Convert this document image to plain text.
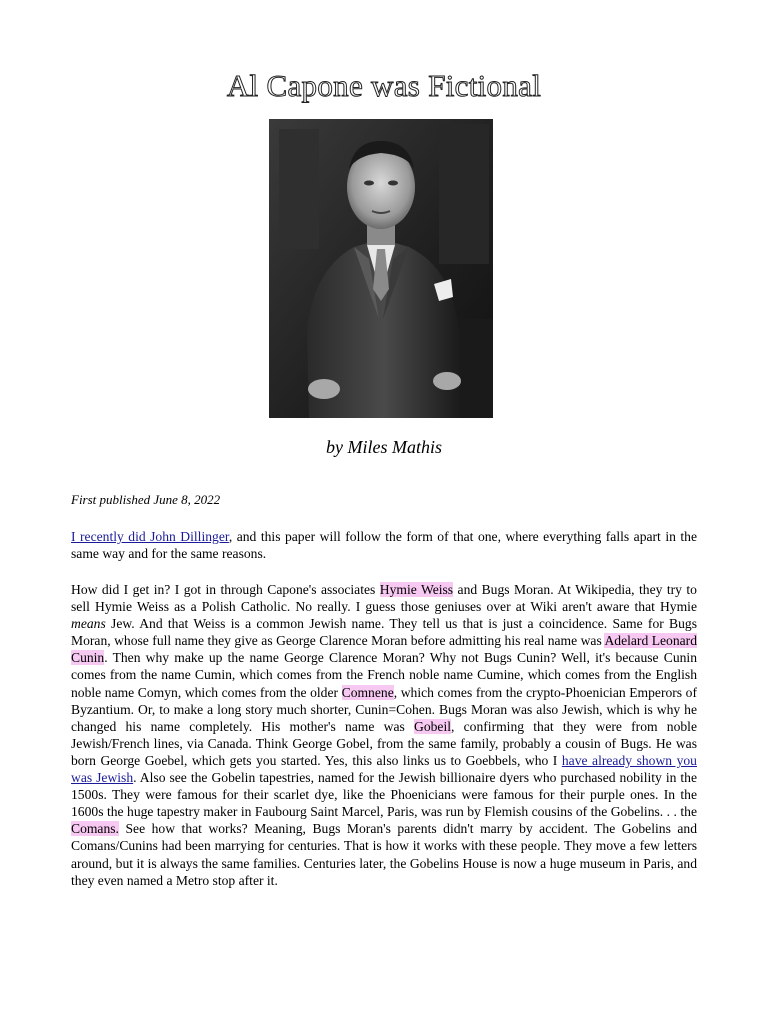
Al Capone was Fictional
by Miles Mathis
First published June 8, 2022
I recently did John Dillinger, and this paper will follow the form of that one, where everything falls apart in the same way and for the same reasons.
How did I get in? I got in through Capone's associates Hymie Weiss and Bugs Moran. At Wikipedia, they try to sell Hymie Weiss as a Polish Catholic. No really. I guess those geniuses over at Wiki aren't aware that Hymie means Jew. And that Weiss is a common Jewish name. They tell us that is just a coincidence. Same for Bugs Moran, whose full name they give as George Clarence Moran before admitting his real name was Adelard Leonard Cunin. Then why make up the name George Clarence Moran? Why not Bugs Cunin? Well, it's because Cunin comes from the name Cumin, which comes from the French noble name Cumine, which comes from the English noble name Comyn, which comes from the older Comnene, which comes from the crypto-Phoenician Emperors of Byzantium. Or, to make a long story much shorter, Cunin=Cohen. Bugs Moran was also Jewish, which is why he changed his name completely. His mother's name was Gobeil, confirming that they were from noble Jewish/French lines, via Canada. Think George Gobel, from the same family, probably a cousin of Bugs. He was born George Goebel, which gets you started. Yes, this also links us to Goebbels, who I have already shown you was Jewish. Also see the Gobelin tapestries, named for the Jewish billionaire dyers who purchased nobility in the 1500s. They were famous for their scarlet dye, like the Phoenicians were famous for their purple ones. In the 1600s the huge tapestry maker in Faubourg Saint Marcel, Paris, was run by Flemish cousins of the Gobelins. . . the Comans. See how that works? Meaning, Bugs Moran's parents didn't marry by accident. The Gobelins and Comans/Cunins had been marrying for centuries. That is how it works with these people. They move a few letters around, but it is always the same families. Centuries later, the Gobelins House is now a huge museum in Paris, and they even named a Metro stop after it.
